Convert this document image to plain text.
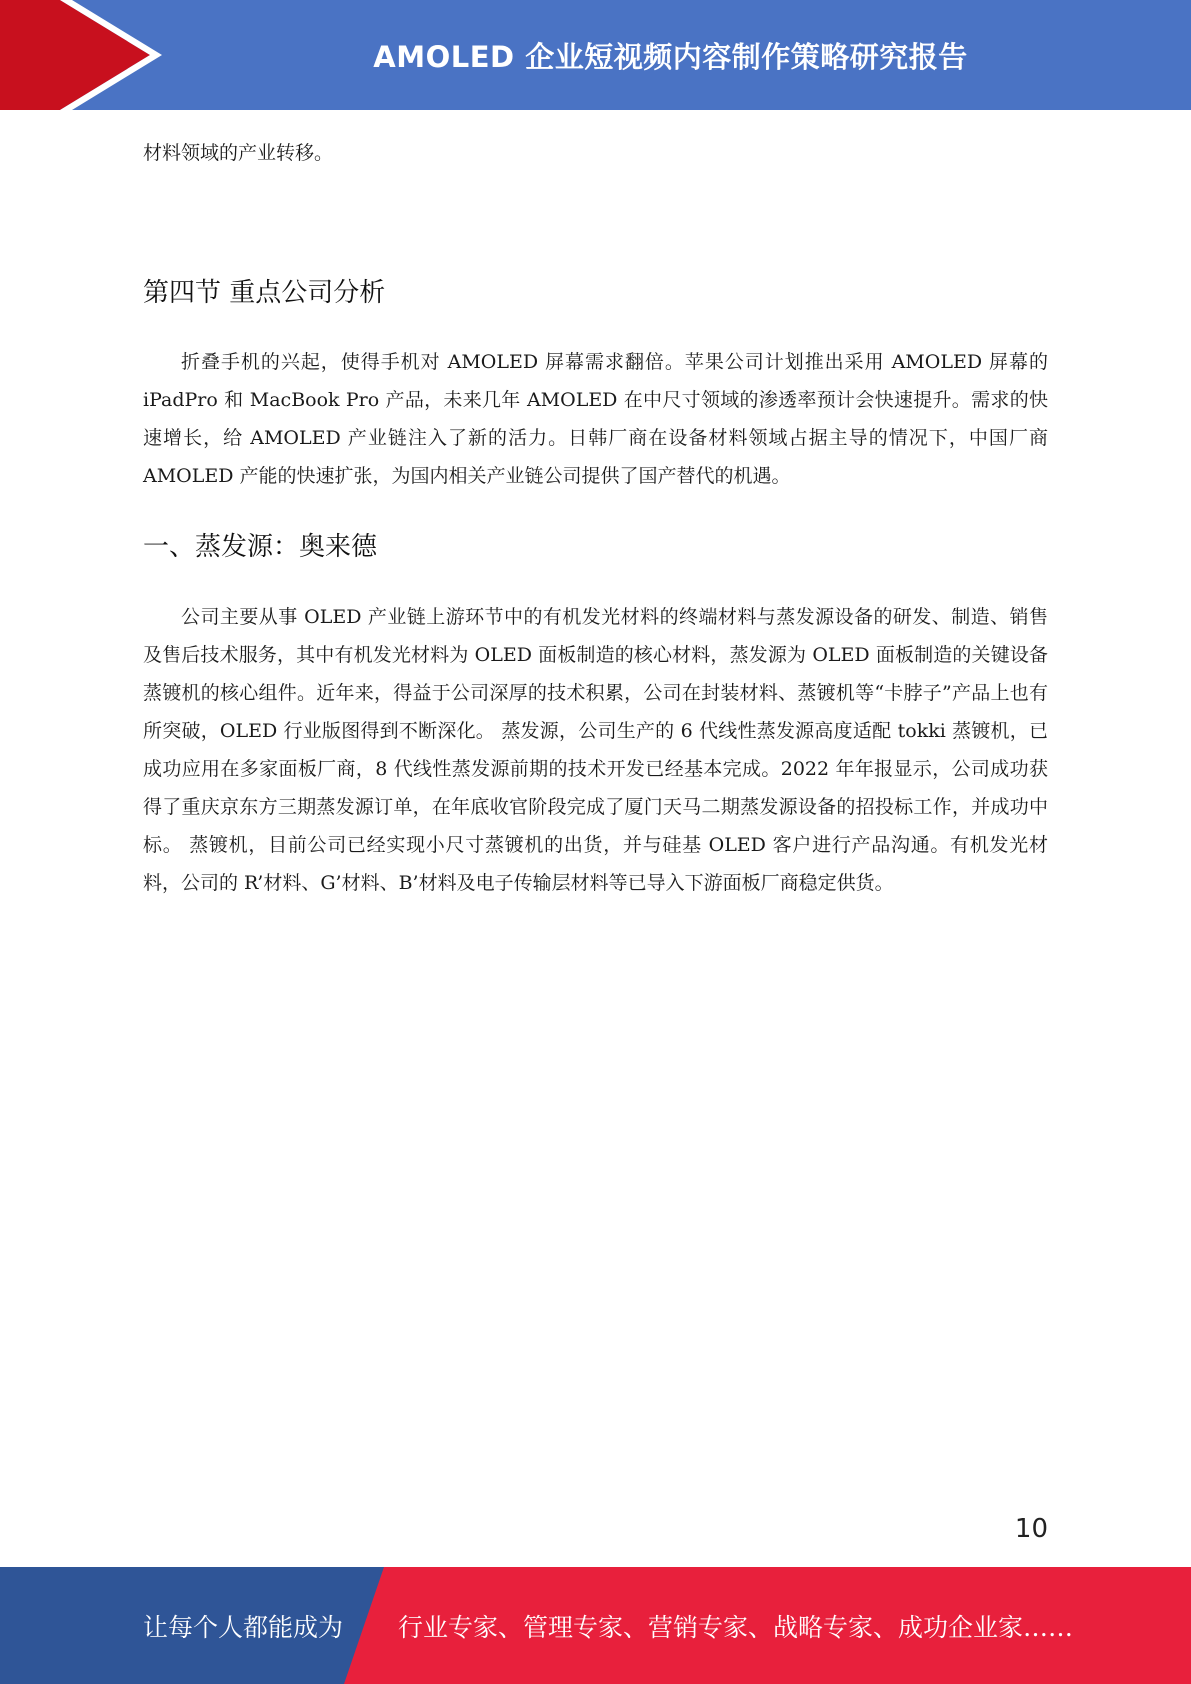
AMOLED 企业短视频内容制作策略研究报告

材料领域的产业转移。

第四节 重点公司分析

折叠手机的兴起，使得手机对 AMOLED 屏幕需求翻倍。苹果公司计划推出采用 AMOLED 屏幕的 iPadPro 和 MacBook Pro 产品，未来几年 AMOLED 在中尺寸领域的渗透率预计会快速提升。需求的快速增长，给 AMOLED 产业链注入了新的活力。日韩厂商在设备材料领域占据主导的情况下，中国厂商 AMOLED 产能的快速扩张，为国内相关产业链公司提供了国产替代的机遇。

一、蒸发源：奥来德

公司主要从事 OLED 产业链上游环节中的有机发光材料的终端材料与蒸发源设备的研发、制造、销售及售后技术服务，其中有机发光材料为 OLED 面板制造的核心材料，蒸发源为 OLED 面板制造的关键设备蒸镀机的核心组件。近年来，得益于公司深厚的技术积累，公司在封装材料、蒸镀机等“卡脖子”产品上也有所突破，OLED 行业版图得到不断深化。 蒸发源，公司生产的 6 代线性蒸发源高度适配 tokki 蒸镀机，已成功应用在多家面板厂商，8 代线性蒸发源前期的技术开发已经基本完成。2022 年年报显示，公司成功获得了重庆京东方三期蒸发源订单，在年底收官阶段完成了厦门天马二期蒸发源设备的招投标工作，并成功中标。 蒸镀机，目前公司已经实现小尺寸蒸镀机的出货，并与硅基 OLED 客户进行产品沟通。有机发光材料，公司的 R’材料、G’材料、B’材料及电子传输层材料等已导入下游面板厂商稳定供货。

10
让每个人都能成为 行业专家、管理专家、营销专家、战略专家、成功企业家……
